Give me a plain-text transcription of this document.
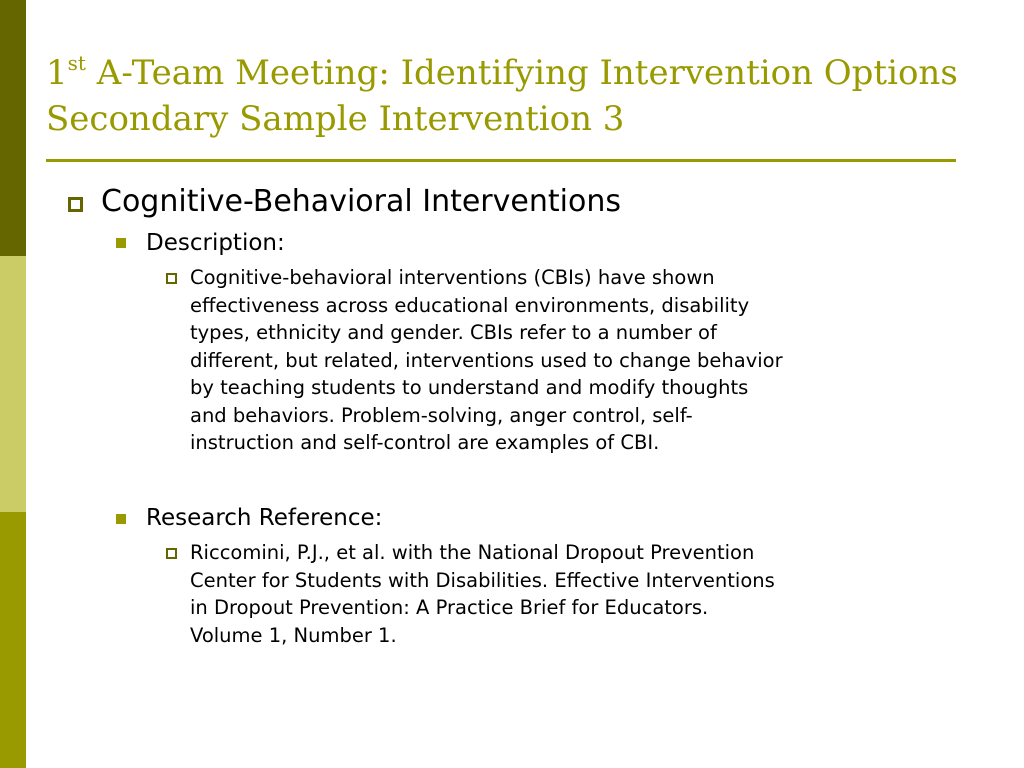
1st A-Team Meeting: Identifying Intervention Options
Secondary Sample Intervention 3
Cognitive-Behavioral Interventions
Description:
Cognitive-behavioral interventions (CBIs) have shown
effectiveness across educational environments, disability
types, ethnicity and gender. CBIs refer to a number of
different, but related, interventions used to change behavior
by teaching students to understand and modify thoughts
and behaviors. Problem-solving, anger control, self-
instruction and self-control are examples of CBI.
Research Reference:
Riccomini, P.J., et al. with the National Dropout Prevention
Center for Students with Disabilities. Effective Interventions
in Dropout Prevention: A Practice Brief for Educators.
Volume 1, Number 1.
